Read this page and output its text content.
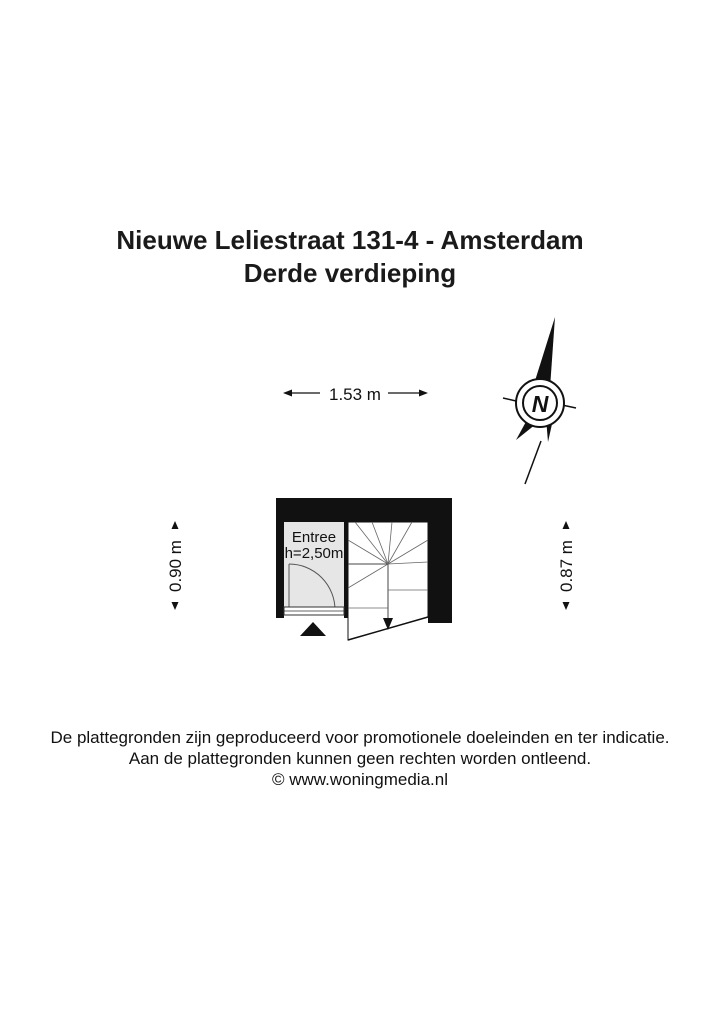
Nieuwe Leliestraat 131-4 - Amsterdam
Derde verdieping
1.53 m
0.90 m	0.87 m
N
Entree
h=2,50m
De plattegronden zijn geproduceerd voor promotionele doeleinden en ter indicatie.
Aan de plattegronden kunnen geen rechten worden ontleend.
© www.woningmedia.nl
